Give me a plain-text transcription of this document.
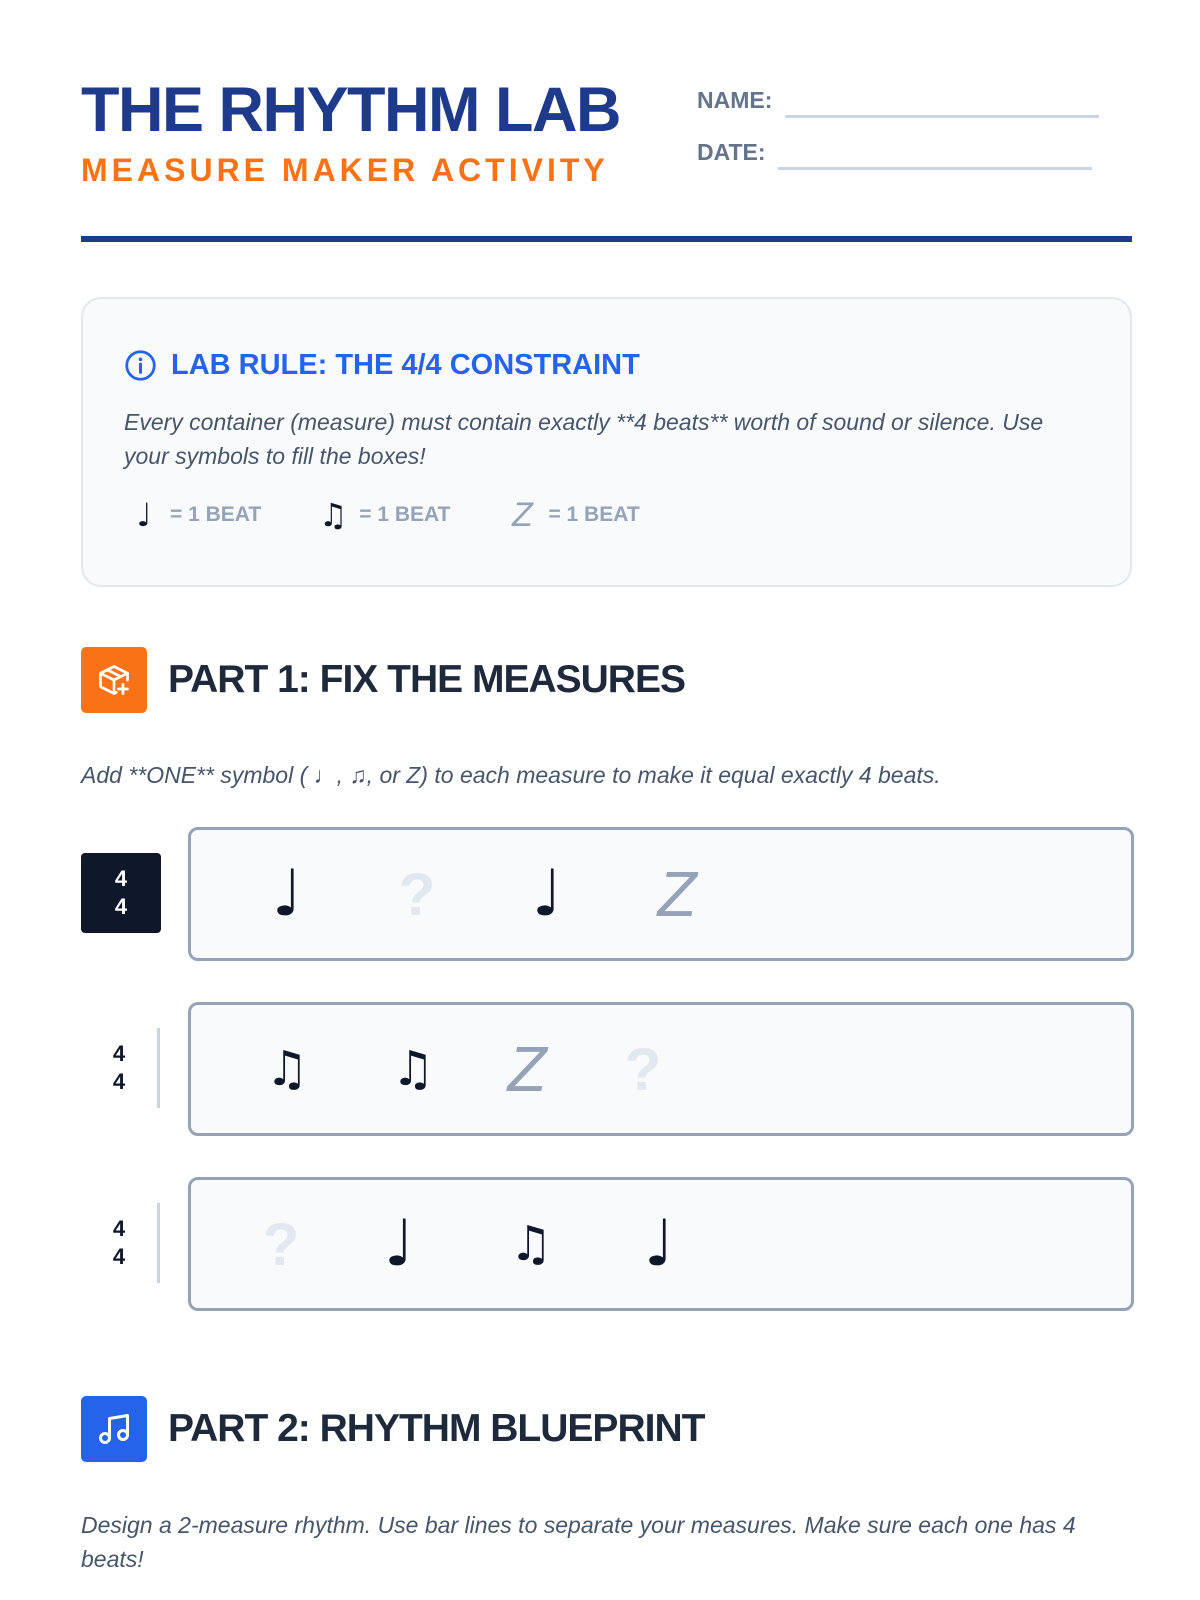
THE RHYTHM LAB
MEASURE MAKER ACTIVITY
NAME:
DATE:
LAB RULE: THE 4/4 CONSTRAINT
Every container (measure) must contain exactly **4 beats** worth of sound or silence. Use your symbols to fill the boxes!
♩ = 1 BEAT ♫ = 1 BEAT Z = 1 BEAT
PART 1: FIX THE MEASURES
Add **ONE** symbol ( ♩, ♫, or Z) to each measure to make it equal exactly 4 beats.
4
4	♩	?	♩	Z
4
4	♫	♫	Z	?
4
4	?	♩	♫	♩
PART 2: RHYTHM BLUEPRINT
Design a 2-measure rhythm. Use bar lines to separate your measures. Make sure each one has 4 beats!
